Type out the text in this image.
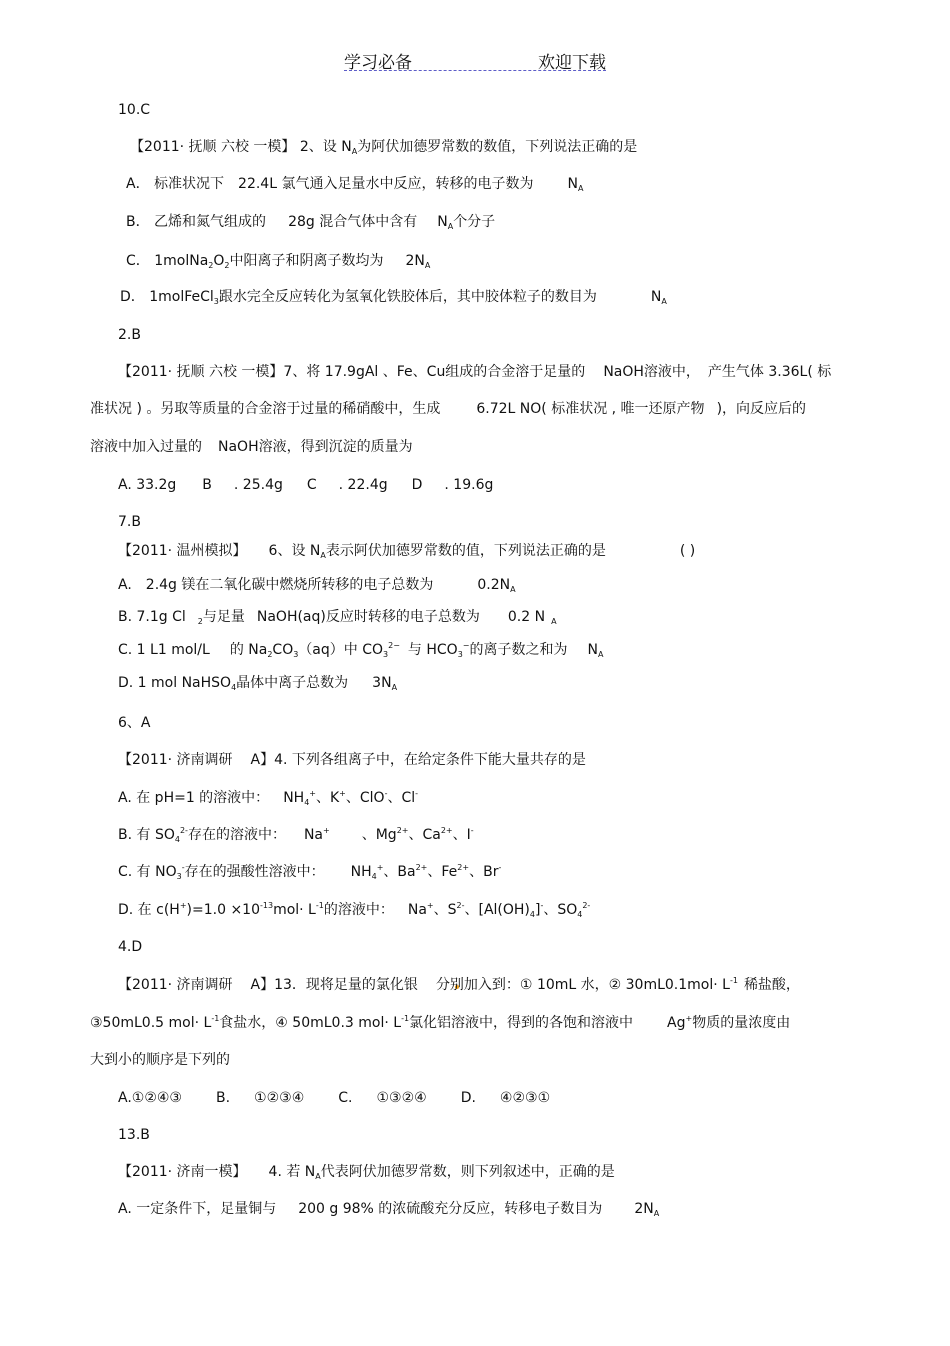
学习必备	欢迎下载
10.C
【2011· 抚顺 六校 一模】 2、设 $N_A$为阿伏加德罗常数的数值，下列说法正确的是
A． 标准状况下 22.4L 氯气通入足量水中反应，转移的电子数为 $N_A$
B． 乙烯和氮气组成的 28g 混合气体中含有 $N_A$个分子
C． $1molNa_2O_2$中阳离子和阴离子数均为 $2N_A$
D． 1molFeCl$_3$跟水完全反应转化为氢氧化铁胶体后，其中胶体粒子的数目为	$N_A$
2.B
【2011· 抚顺 六校 一模】7、将 17.9gAl 、Fe、Cu组成的合金溶于足量的 NaOH溶液中， 产生气体 3.36L( 标
准状况 ) 。另取等质量的合金溶于过量的稀硝酸中，生成	6.72L NO( 标准状况 , 唯一还原产物 )，向反应后的
溶液中加入过量的 NaOH溶液，得到沉淀的质量为
A. 33.2g B . 25.4g C . 22.4g D . 19.6g
7.B
【2011· 温州模拟】 6、设 $N_A$表示阿伏加德罗常数的值，下列说法正确的是	( )
A. 2.4g 镁在二氧化碳中燃烧所转移的电子总数为	$0.2N_A$
B. 7.1g Cl $_2$与足量 NaOH(aq)反应时转移的电子总数为 0.2 N $_A$
C. 1 L1 mol/L 的 $Na_2CO_3(aq)$中 $CO_3^{2-}$ 与 $HCO_3^-$的离子数之和为 $N_A$
D. 1 mol NaHSO$_4$晶体中离子总数为 $3N_A$
6、A
【2011· 济南调研 A】4. 下列各组离子中，在给定条件下能大量共存的是
A. 在 pH=1 的溶液中： $NH_4^+$、K+、ClO-、Cl-
B. 有 $SO_4^{2-}$存在的溶液中： Na+ 、$Mg^{2+}$、$Ca^{2+}$、I-
C. 有 $NO_3^-$存在的强酸性溶液中： $NH_4^+$、$Ba^{2+}$、$Fe^{2+}$、Br-
D. 在 $c(H^+)=1.0 \times 10^{-13}mol\cdot L^{-1}$的溶液中： Na+、$S^{2-}$、$[Al(OH)_4]^-$、$SO_4^{2-}$
4.D
【2011· 济南调研 A】13．现将足量的氯化银 分别加入到：① 10mL 水，② $30mL0.1mol\cdot L^{-1}$ 稀盐酸，
③50mL0.5 $mol\cdot L^{-1}$食盐水，④ 50mL0.3 $mol\cdot L^{-1}$氯化铝溶液中，得到的各饱和溶液中 Ag+物质的量浓度由
大到小的顺序是下列的
A.①②④③ B. ①②③④ C. ①③②④ D. ④②③①
13.B
【2011· 济南一模】 4. 若 $N_A$代表阿伏加德罗常数，则下列叙述中，正确的是
A. 一定条件下，足量铜与 200 g 98% 的浓硫酸充分反应，转移电子数目为 $2N_A$
